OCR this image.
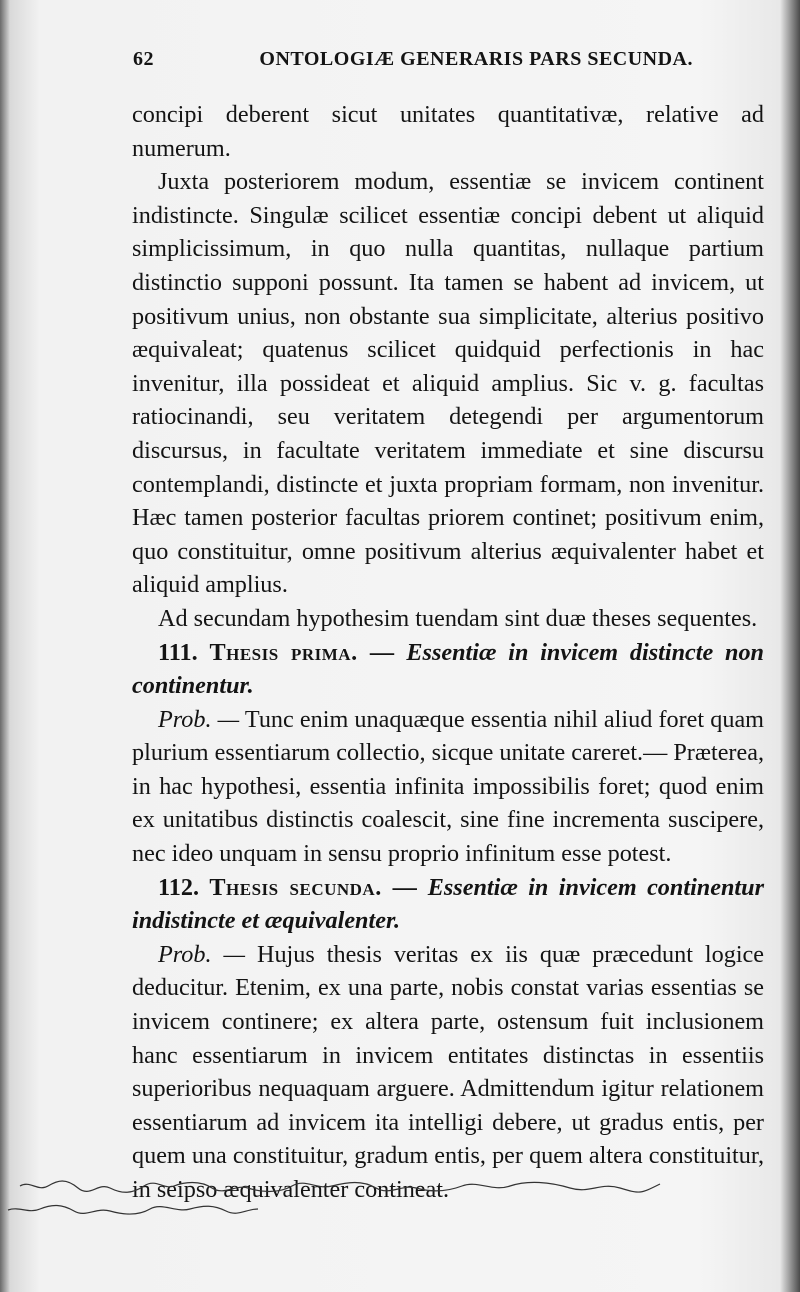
62	ONTOLOGIÆ GENERARIS PARS SECUNDA.

concipi deberent sicut unitates quantitativæ, relative ad numerum.

Juxta posteriorem modum, essentiæ se invicem continent indistincte. Singulæ scilicet essentiæ concipi debent ut aliquid simplicissimum, in quo nulla quantitas, nullaque partium distinctio supponi possunt. Ita tamen se habent ad invicem, ut positivum unius, non obstante sua simplicitate, alterius positivo æquivaleat; quatenus scilicet quidquid perfectionis in hac invenitur, illa possideat et aliquid amplius. Sic v. g. facultas ratiocinandi, seu veritatem detegendi per argumentorum discursus, in facultate veritatem immediate et sine discursu contemplandi, distincte et juxta propriam formam, non invenitur. Hæc tamen posterior facultas priorem continet; positivum enim, quo constituitur, omne positivum alterius æquivalenter habet et aliquid amplius.

Ad secundam hypothesim tuendam sint duæ theses sequentes.

111. Thesis prima. — Essentiæ in invicem distincte non continentur.

Prob. — Tunc enim unaquæque essentia nihil aliud foret quam plurium essentiarum collectio, sicque unitate careret.— Præterea, in hac hypothesi, essentia infinita impossibilis foret; quod enim ex unitatibus distinctis coalescit, sine fine incrementa suscipere, nec ideo unquam in sensu proprio infinitum esse potest.

112. Thesis secunda. — Essentiæ in invicem continentur indistincte et æquivalenter.

Prob. — Hujus thesis veritas ex iis quæ præcedunt logice deducitur. Etenim, ex una parte, nobis constat varias essentias se invicem continere; ex altera parte, ostensum fuit inclusionem hanc essentiarum in invicem entitates distinctas in essentiis superioribus nequaquam arguere. Admittendum igitur relationem essentiarum ad invicem ita intelligi debere, ut gradus entis, per quem una constituitur, gradum entis, per quem altera constituitur, in seipso æquivalenter contineat.
